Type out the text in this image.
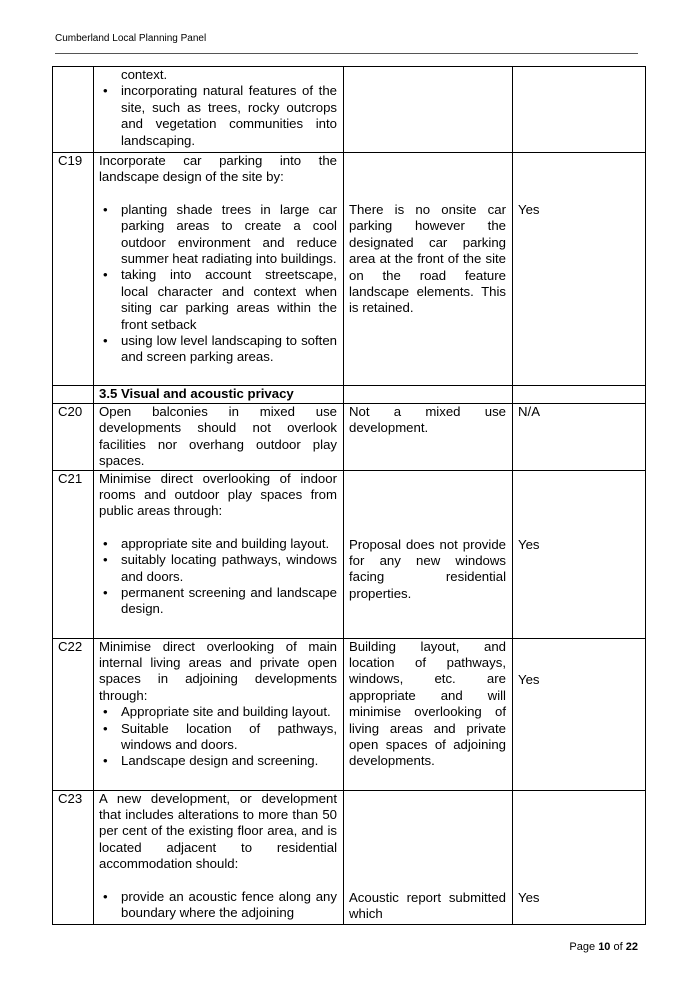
Cumberland Local Planning Panel

	context.
• incorporating natural features of the site, such as trees, rocky outcrops and vegetation communities into landscaping.

C19	Incorporate car parking into the landscape design of the site by:
• planting shade trees in large car parking areas to create a cool outdoor environment and reduce summer heat radiating into buildings.
• taking into account streetscape, local character and context when siting car parking areas within the front setback
• using low level landscaping to soften and screen parking areas.	There is no onsite car parking however the designated car parking area at the front of the site on the road feature landscape elements. This is retained.	Yes

	3.5 Visual and acoustic privacy		
C20	Open balconies in mixed use developments should not overlook facilities nor overhang outdoor play spaces.	Not a mixed use development.	N/A
C21	Minimise direct overlooking of indoor rooms and outdoor play spaces from public areas through:
• appropriate site and building layout.
• suitably locating pathways, windows and doors.
• permanent screening and landscape design.	Proposal does not provide for any new windows facing residential properties.	Yes

C22	Minimise direct overlooking of main internal living areas and private open spaces in adjoining developments through:
• Appropriate site and building layout.
• Suitable location of pathways, windows and doors.
• Landscape design and screening.	Building layout, and location of pathways, windows, etc. are appropriate and will minimise overlooking of living areas and private open spaces of adjoining developments.	Yes

C23	A new development, or development that includes alterations to more than 50 per cent of the existing floor area, and is located adjacent to residential accommodation should:
• provide an acoustic fence along any boundary where the adjoining	Acoustic report submitted which	Yes
Page 10 of 22
